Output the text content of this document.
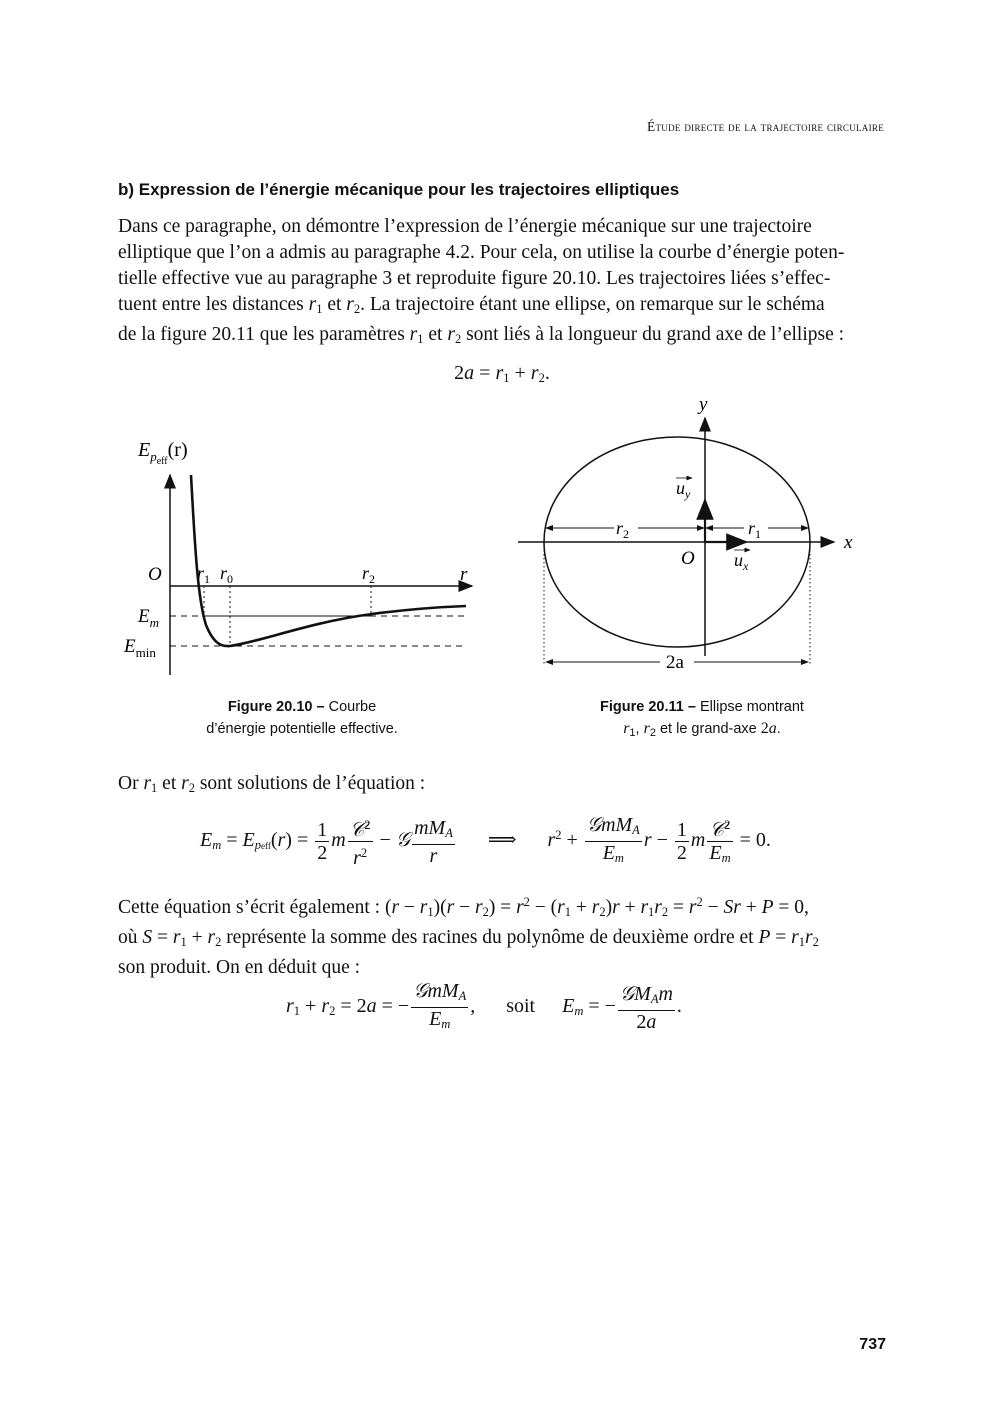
Étude directe de la trajectoire circulaire
b) Expression de l’énergie mécanique pour les trajectoires elliptiques
Dans ce paragraphe, on démontre l’expression de l’énergie mécanique sur une trajectoire
elliptique que l’on a admis au paragraphe 4.2. Pour cela, on utilise la courbe d’énergie poten-
tielle effective vue au paragraphe 3 et reproduite figure 20.10. Les trajectoires liées s’effec-
tuent entre les distances $r_1$ et $r_2$. La trajectoire étant une ellipse, on remarque sur le schéma
de la figure 20.11 que les paramètres $r_1$ et $r_2$ sont liés à la longueur du grand axe de l’ellipse :
$2a = r_1 + r_2$.
$E_peff(r)$
O $r_1$ $r_0$	$r_2$	r
$E_m$
$E_{min}$
Figure 20.10 – Courbe
d’énergie potentielle effective.
y
x
$u_y$
$u_x$
O
$r_2$	$r_1$
2a
Figure 20.11 – Ellipse montrant
$r_1$, $r_2$ et le grand-axe 2a.
Or $r_1$ et $r_2$ sont solutions de l’équation :
$E_m = E_{peff}(r) = \frac{1}{2}$ m $\frac{𝒞^2}{r^2}$ − 𝒢 $\frac{mM_A}{r}$ ⟹ $r^2 + \frac{𝒢mM_A}{E_m}$ $r - \frac{1}{2}$ m $\frac{𝒞^2}{E_m} = 0$.
Cette équation s’écrit également : $(r - r_1)(r - r_2) = r^2 - (r_1 + r_2)r + r_1r_2 = r^2 - Sr + P = 0$,
où $S = r_1 + r_2$ représente la somme des racines du polynôme de deuxième ordre et $P = r_1r_2$
son produit. On en déduit que :
$r_1 + r_2 = 2a$ = − $\frac{𝒢mM_A}{E_m}$ , soit $E_m$ = − $\frac{𝒢M_Am}{2a}$ .
737
